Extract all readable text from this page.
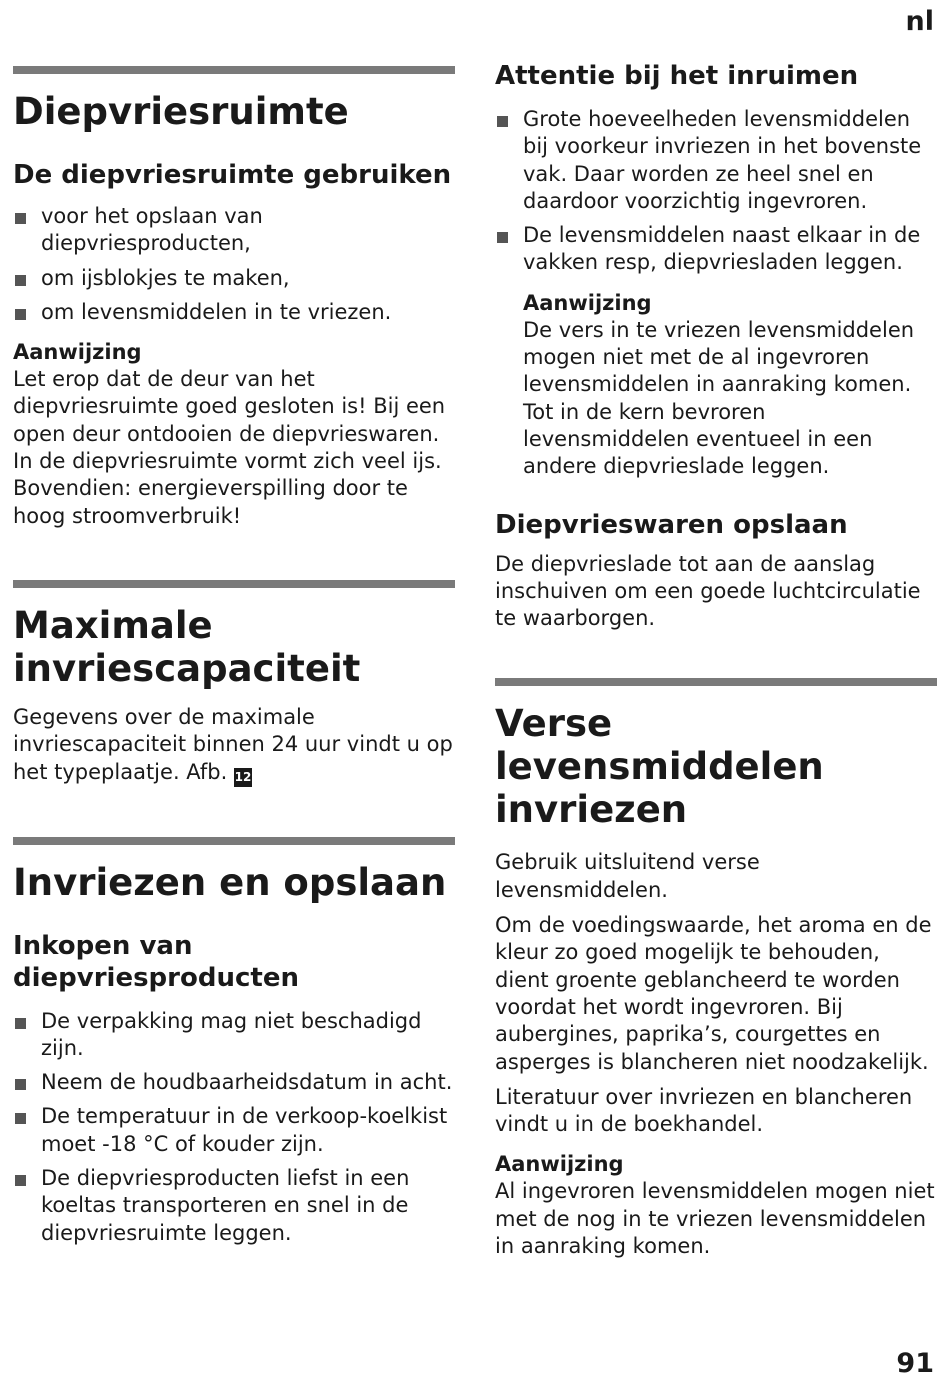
nl
Diepvriesruimte
De diepvriesruimte gebruiken
voor het opslaan van diepvriesproducten,
om ijsblokjes te maken,
om levensmiddelen in te vriezen.
Aanwijzing

Let erop dat de deur van het diepvriesruimte goed gesloten is! Bij een open deur ontdooien de diepvrieswaren. In de diepvriesruimte vormt zich veel ijs. Bovendien: energieverspilling door te hoog stroomverbruik!

Maximale invriescapaciteit

Gegevens over de maximale invriescapaciteit binnen 24 uur vindt u op het typeplaatje. Afb. 12

Invriezen en opslaan
Inkopen van diepvriesproducten
De verpakking mag niet beschadigd zijn.
Neem de houdbaarheidsdatum in acht.
De temperatuur in de verkoop-koelkist moet -18 °C of kouder zijn.
De diepvriesproducten liefst in een koeltas transporteren en snel in de diepvriesruimte leggen.
Attentie bij het inruimen
Grote hoeveelheden levensmiddelen bij voorkeur invriezen in het bovenste vak. Daar worden ze heel snel en daardoor voorzichtig ingevroren.
De levensmiddelen naast elkaar in de vakken resp, diepvriesladen leggen.
Aanwijzing

De vers in te vriezen levensmiddelen mogen niet met de al ingevroren levensmiddelen in aanraking komen. Tot in de kern bevroren levensmiddelen eventueel in een andere diepvrieslade leggen.

Diepvrieswaren opslaan

De diepvrieslade tot aan de aanslag inschuiven om een goede luchtcirculatie te waarborgen.

Verse levensmiddelen invriezen

Gebruik uitsluitend verse levensmiddelen.

Om de voedingswaarde, het aroma en de kleur zo goed mogelijk te behouden, dient groente geblancheerd te worden voordat het wordt ingevroren. Bij aubergines, paprika’s, courgettes en asperges is blancheren niet noodzakelijk.

Literatuur over invriezen en blancheren vindt u in de boekhandel.

Aanwijzing

Al ingevroren levensmiddelen mogen niet met de nog in te vriezen levensmiddelen in aanraking komen.

91
